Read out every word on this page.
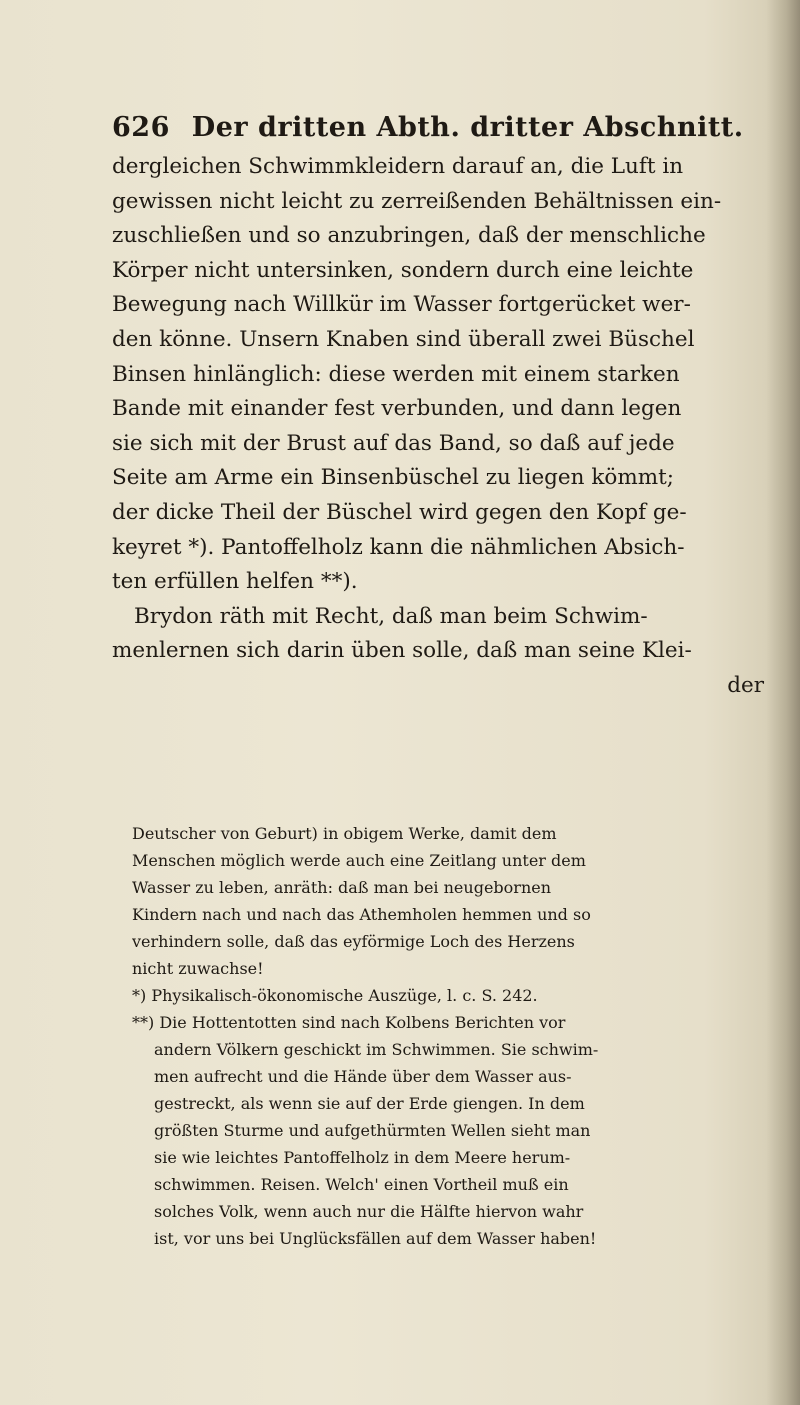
626 Der dritten Abth. dritter Abschnitt.
dergleichen Schwimmkleidern darauf an, die Luft in
gewissen nicht leicht zu zerreißenden Behältnissen ein-
zuschließen und so anzubringen, daß der menschliche
Körper nicht untersinken, sondern durch eine leichte
Bewegung nach Willkür im Wasser fortgerücket wer-
den könne. Unsern Knaben sind überall zwei Büschel
Binsen hinlänglich: diese werden mit einem starken
Bande mit einander fest verbunden, und dann legen
sie sich mit der Brust auf das Band, so daß auf jede
Seite am Arme ein Binsenbüschel zu liegen kömmt;
der dicke Theil der Büschel wird gegen den Kopf ge-
keyret *). Pantoffelholz kann die nähmlichen Absich-
ten erfüllen helfen **).
Brydon räth mit Recht, daß man beim Schwim-
menlernen sich darin üben solle, daß man seine Klei-
der
Deutscher von Geburt) in obigem Werke, damit dem
Menschen möglich werde auch eine Zeitlang unter dem
Wasser zu leben, anräth: daß man bei neugebornen
Kindern nach und nach das Athemholen hemmen und so
verhindern solle, daß das eyförmige Loch des Herzens
nicht zuwachse!
*) Physikalisch-ökonomische Auszüge, l. c. S. 242.
**) Die Hottentotten sind nach Kolbens Berichten vor
andern Völkern geschickt im Schwimmen. Sie schwim-
men aufrecht und die Hände über dem Wasser aus-
gestreckt, als wenn sie auf der Erde giengen. In dem
größten Sturme und aufgethürmten Wellen sieht man
sie wie leichtes Pantoffelholz in dem Meere herum-
schwimmen. Reisen. Welch' einen Vortheil muß ein
solches Volk, wenn auch nur die Hälfte hiervon wahr
ist, vor uns bei Unglücksfällen auf dem Wasser haben!
